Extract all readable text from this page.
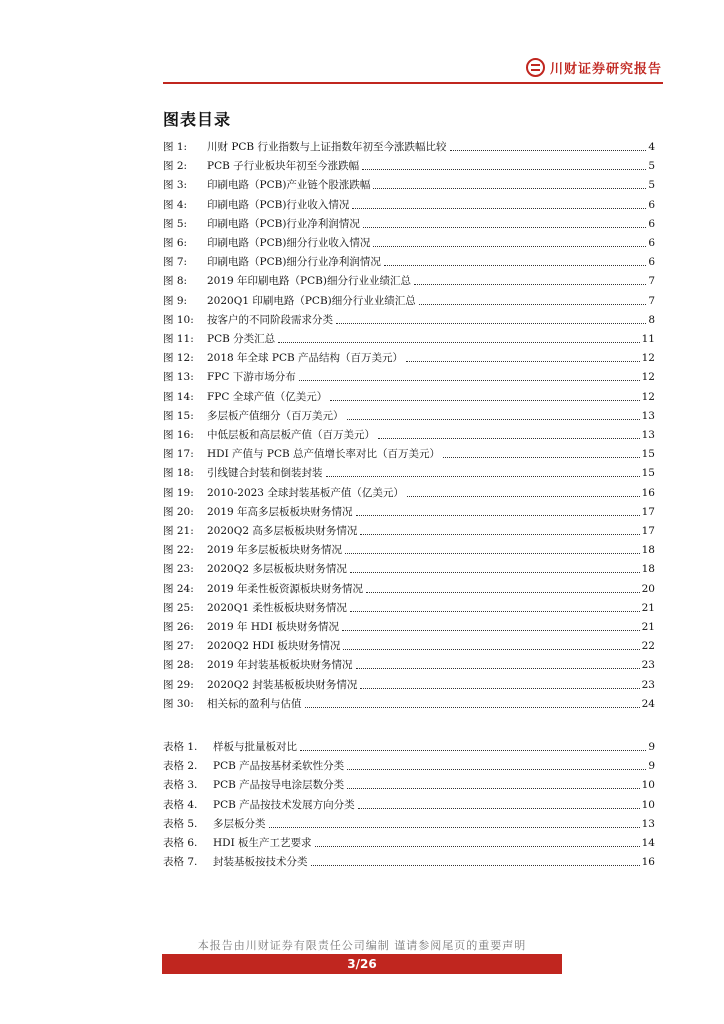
川财证券研究报告
图表目录
图 1:	川财 PCB 行业指数与上证指数年初至今涨跌幅比较	4
图 2:	PCB 子行业板块年初至今涨跌幅	5
图 3:	印刷电路（PCB)产业链个股涨跌幅	5
图 4:	印刷电路（PCB)行业收入情况	6
图 5:	印刷电路（PCB)行业净利润情况	6
图 6:	印刷电路（PCB)细分行业收入情况	6
图 7:	印刷电路（PCB)细分行业净利润情况	6
图 8:	2019 年印刷电路（PCB)细分行业业绩汇总	7
图 9:	2020Q1 印刷电路（PCB)细分行业业绩汇总	7
图 10:	按客户的不同阶段需求分类	8
图 11:	PCB 分类汇总	11
图 12:	2018 年全球 PCB 产品结构（百万美元）	12
图 13:	FPC 下游市场分布	12
图 14:	FPC 全球产值（亿美元）	12
图 15:	多层板产值细分（百万美元）	13
图 16:	中低层板和高层板产值（百万美元）	13
图 17:	HDI 产值与 PCB 总产值增长率对比（百万美元）	15
图 18:	引线键合封装和倒装封装	15
图 19:	2010-2023 全球封装基板产值（亿美元）	16
图 20:	2019 年高多层板板块财务情况	17
图 21:	2020Q2 高多层板板块财务情况	17
图 22:	2019 年多层板板块财务情况	18
图 23:	2020Q2 多层板板块财务情况	18
图 24:	2019 年柔性板资源板块财务情况	20
图 25:	2020Q1 柔性板板块财务情况	21
图 26:	2019 年 HDI 板块财务情况	21
图 27:	2020Q2 HDI 板块财务情况	22
图 28:	2019 年封装基板板块财务情况	23
图 29:	2020Q2 封装基板板块财务情况	23
图 30:	相关标的盈利与估值	24
表格 1.	样板与批量板对比	9
表格 2.	PCB 产品按基材柔软性分类	9
表格 3.	PCB 产品按导电涂层数分类	10
表格 4.	PCB 产品按技术发展方向分类	10
表格 5.	多层板分类	13
表格 6.	HDI 板生产工艺要求	14
表格 7.	封装基板按技术分类	16
本报告由川财证券有限责任公司编制 谨请参阅尾页的重要声明
3/26
